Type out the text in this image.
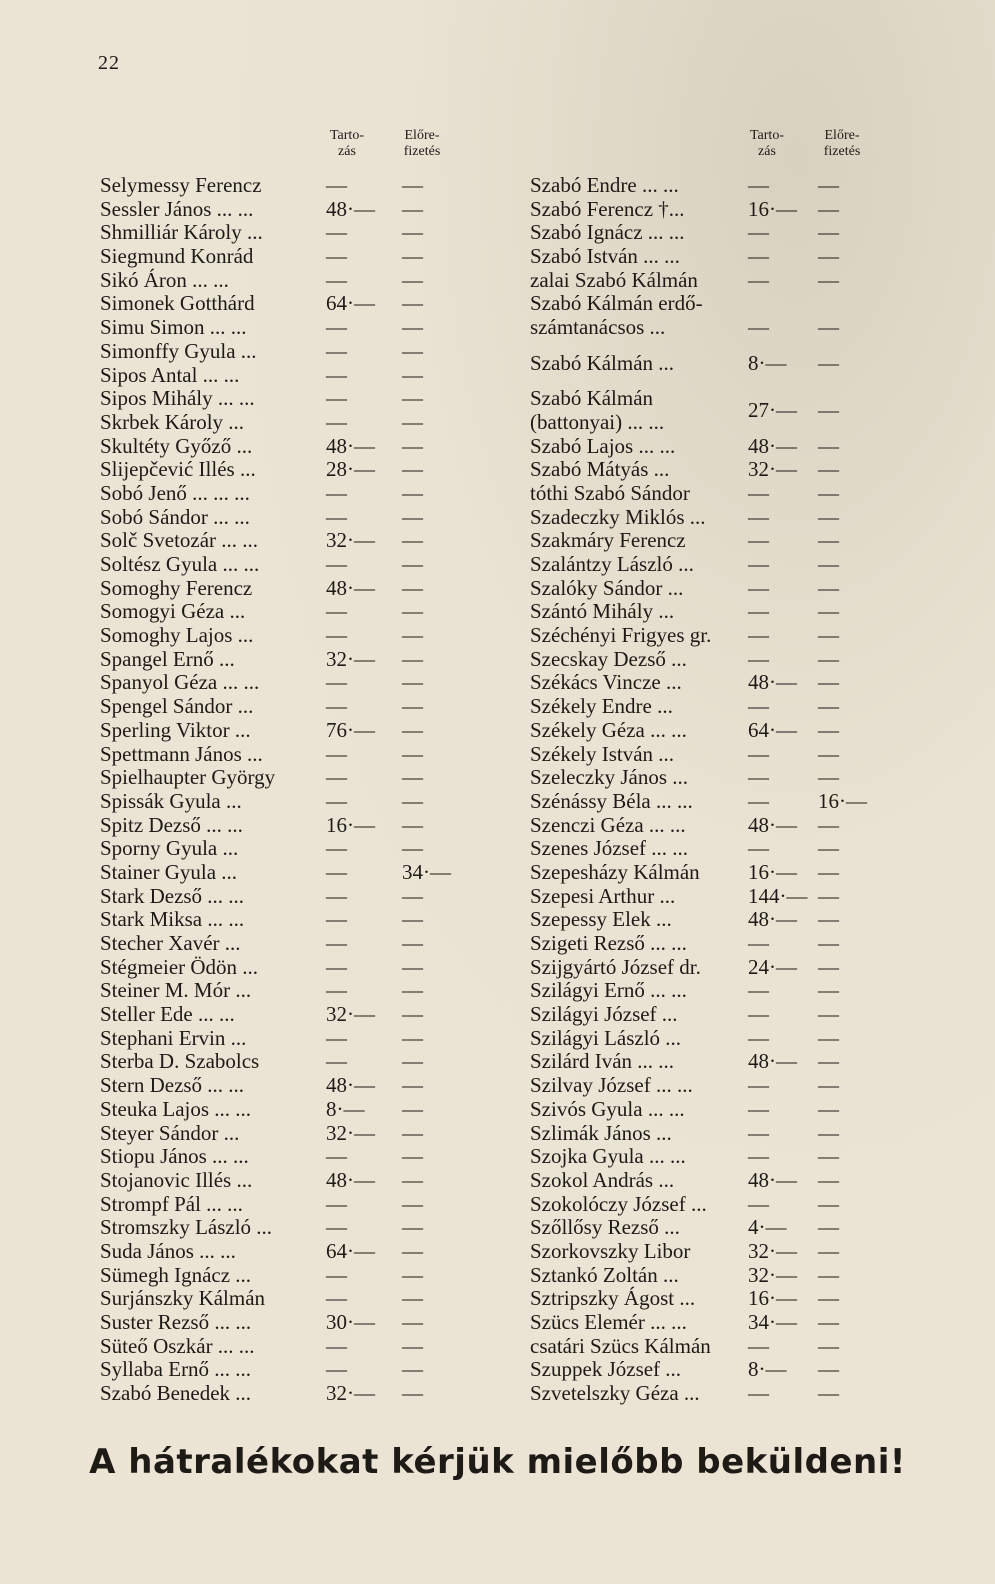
22
Tarto-
zás
Előre-
fizetés
Selymessy Ferencz	—	—
Sessler János ... ...	48·— —
Shmilliár Károly ...	—	—
Siegmund Konrád	—	—
Sikó Áron ... ...	—	—
Simonek Gotthárd	64·— —
Simu Simon ... ...	—	—
Simonffy Gyula ...	—	—
Sipos Antal ... ...	—	—
Sipos Mihály ... ...	—	—
Skrbek Károly ...	—	—
Skultéty Győző ...	48·— —
Slijepčević Illés ...	28·— —
Sobó Jenő ... ... ...	—	—
Sobó Sándor ... ...	—	—
Solč Svetozár ... ...	32·— —
Soltész Gyula ... ...	—	—
Somoghy Ferencz	48·— —
Somogyi Géza ...	—	—
Somoghy Lajos ...	—	—
Spangel Ernő ...	32·— —
Spanyol Géza ... ...	—	—
Spengel Sándor ...	—	—
Sperling Viktor ...	76·— —
Spettmann János ...	—	—
Spielhaupter György —	—
Spissák Gyula ...	—	—
Spitz Dezső ... ...	16·— —
Sporny Gyula ...	—	—
Stainer Gyula ...	—	34·—
Stark Dezső ... ...	—	—
Stark Miksa ... ...	—	—
Stecher Xavér ...	—	—
Stégmeier Ödön ...	—	—
Steiner M. Mór ...	—	—
Steller Ede ... ...	32·— —
Stephani Ervin ...	—	—
Sterba D. Szabolcs	—	—
Stern Dezső ... ...	48·— —
Steuka Lajos ... ...	8·— —
Steyer Sándor ...	32·— —
Stiopu János ... ...	—	—
Stojanovic Illés ...	48·— —
Strompf Pál ... ...	—	—
Stromszky László ...	—	—
Suda János ... ...	64·— —
Sümegh Ignácz ...	—	—
Surjánszky Kálmán	—	—
Suster Rezső ... ...	30·— —
Süteő Oszkár ... ...	—	—
Syllaba Ernő ... ...	—	—
Szabó Benedek ...	32·— —
Tarto-
zás
Előre-
fizetés
Szabó Endre ... ...	— —
Szabó Ferencz †...	16·— —
Szabó Ignácz ... ...	— —
Szabó István ... ...	— —
zalai Szabó Kálmán — —
Szabó Kálmán erdő-
számtanácsos ...	— —
Szabó Kálmán ...	8·— —
Szabó Kálmán
(battonyai) ... ...	27·— —
Szabó Lajos ... ...	48·— —
Szabó Mátyás ...	32·— —
tóthi Szabó Sándor	— —
Szadeczky Miklós ... — —
Szakmáry Ferencz	— —
Szalántzy László ...	— —
Szalóky Sándor ...	— —
Szántó Mihály ...	— —
Széchényi Frigyes gr. — —
Szecskay Dezső ...	— —
Székács Vincze ...	48·— —
Székely Endre ...	— —
Székely Géza ... ...	64·— —
Székely István ...	— —
Szeleczky János ...	— —
Szénássy Béla ... ...	— 16·—
Szenczi Géza ... ...	48·— —
Szenes József ... ...	— —
Szepesházy Kálmán 16·— —
Szepesi Arthur ...	144·— —
Szepessy Elek ...	48·— —
Szigeti Rezső ... ...	— —
Szijgyártó József dr. 24·— —
Szilágyi Ernő ... ...	— —
Szilágyi József ...	— —
Szilágyi László ...	— —
Szilárd Iván ... ...	48·— —
Szilvay József ... ...	— —
Szivós Gyula ... ...	— —
Szlimák János ...	— —
Szojka Gyula ... ...	— —
Szokol András ...	48·— —
Szokolóczy József ... — —
Szőllősy Rezső ...	4·— —
Szorkovszky Libor	32·— —
Sztankó Zoltán ...	32·— —
Sztripszky Ágost ...	16·— —
Szücs Elemér ... ...	34·— —
csatári Szücs Kálmán — —
Szuppek József ...	8·— —
Szvetelszky Géza ... — —
A hátralékokat kérjük mielőbb beküldeni!
